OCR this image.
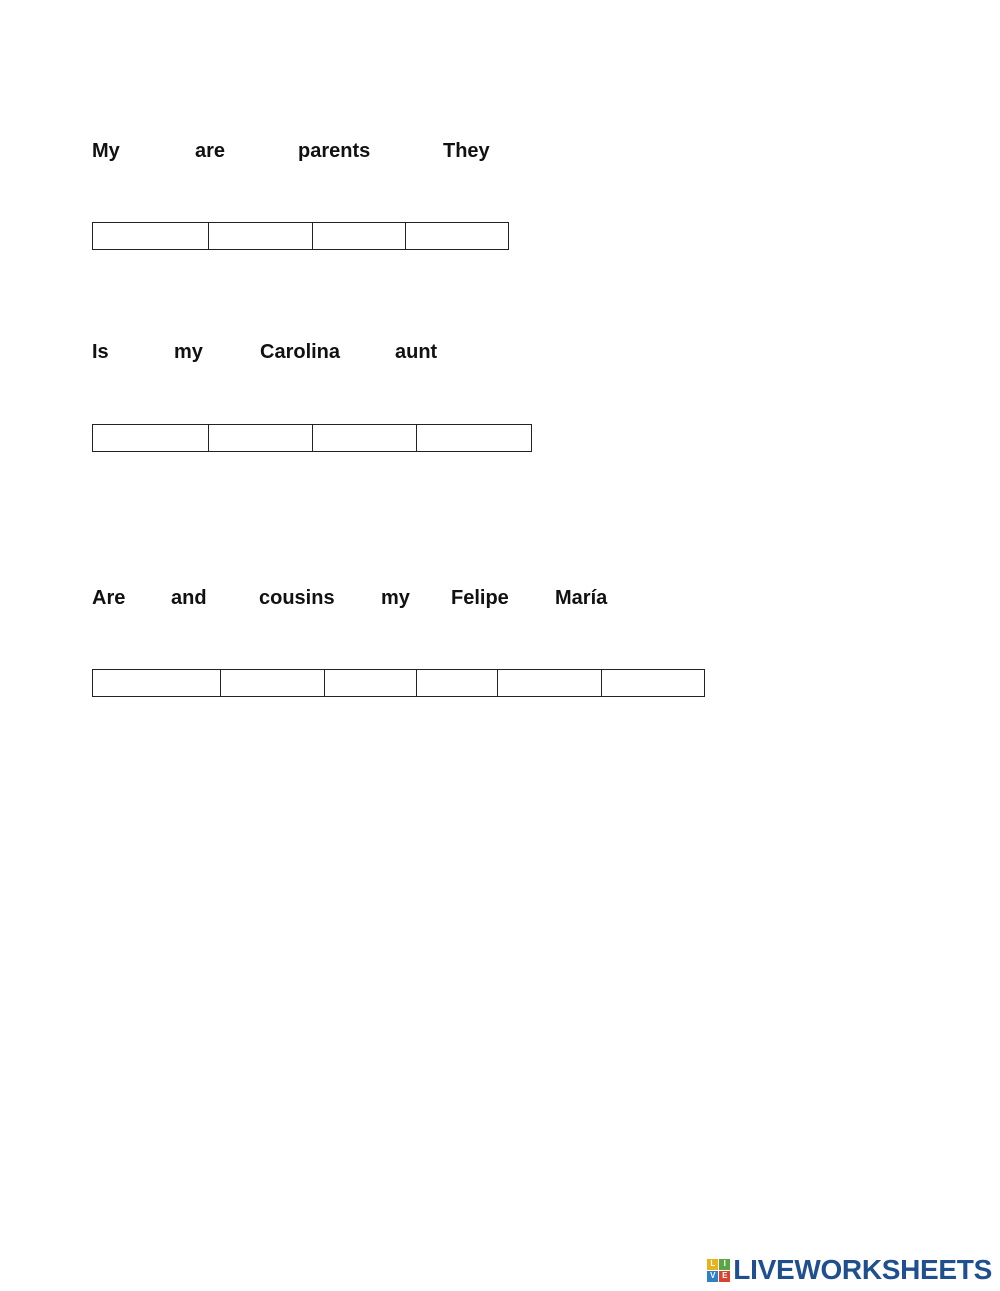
My	are	parents	They
Is	my	Carolina	aunt
Are and	cousins my Felipe María
L	I
V E LIVEWORKSHEETS
